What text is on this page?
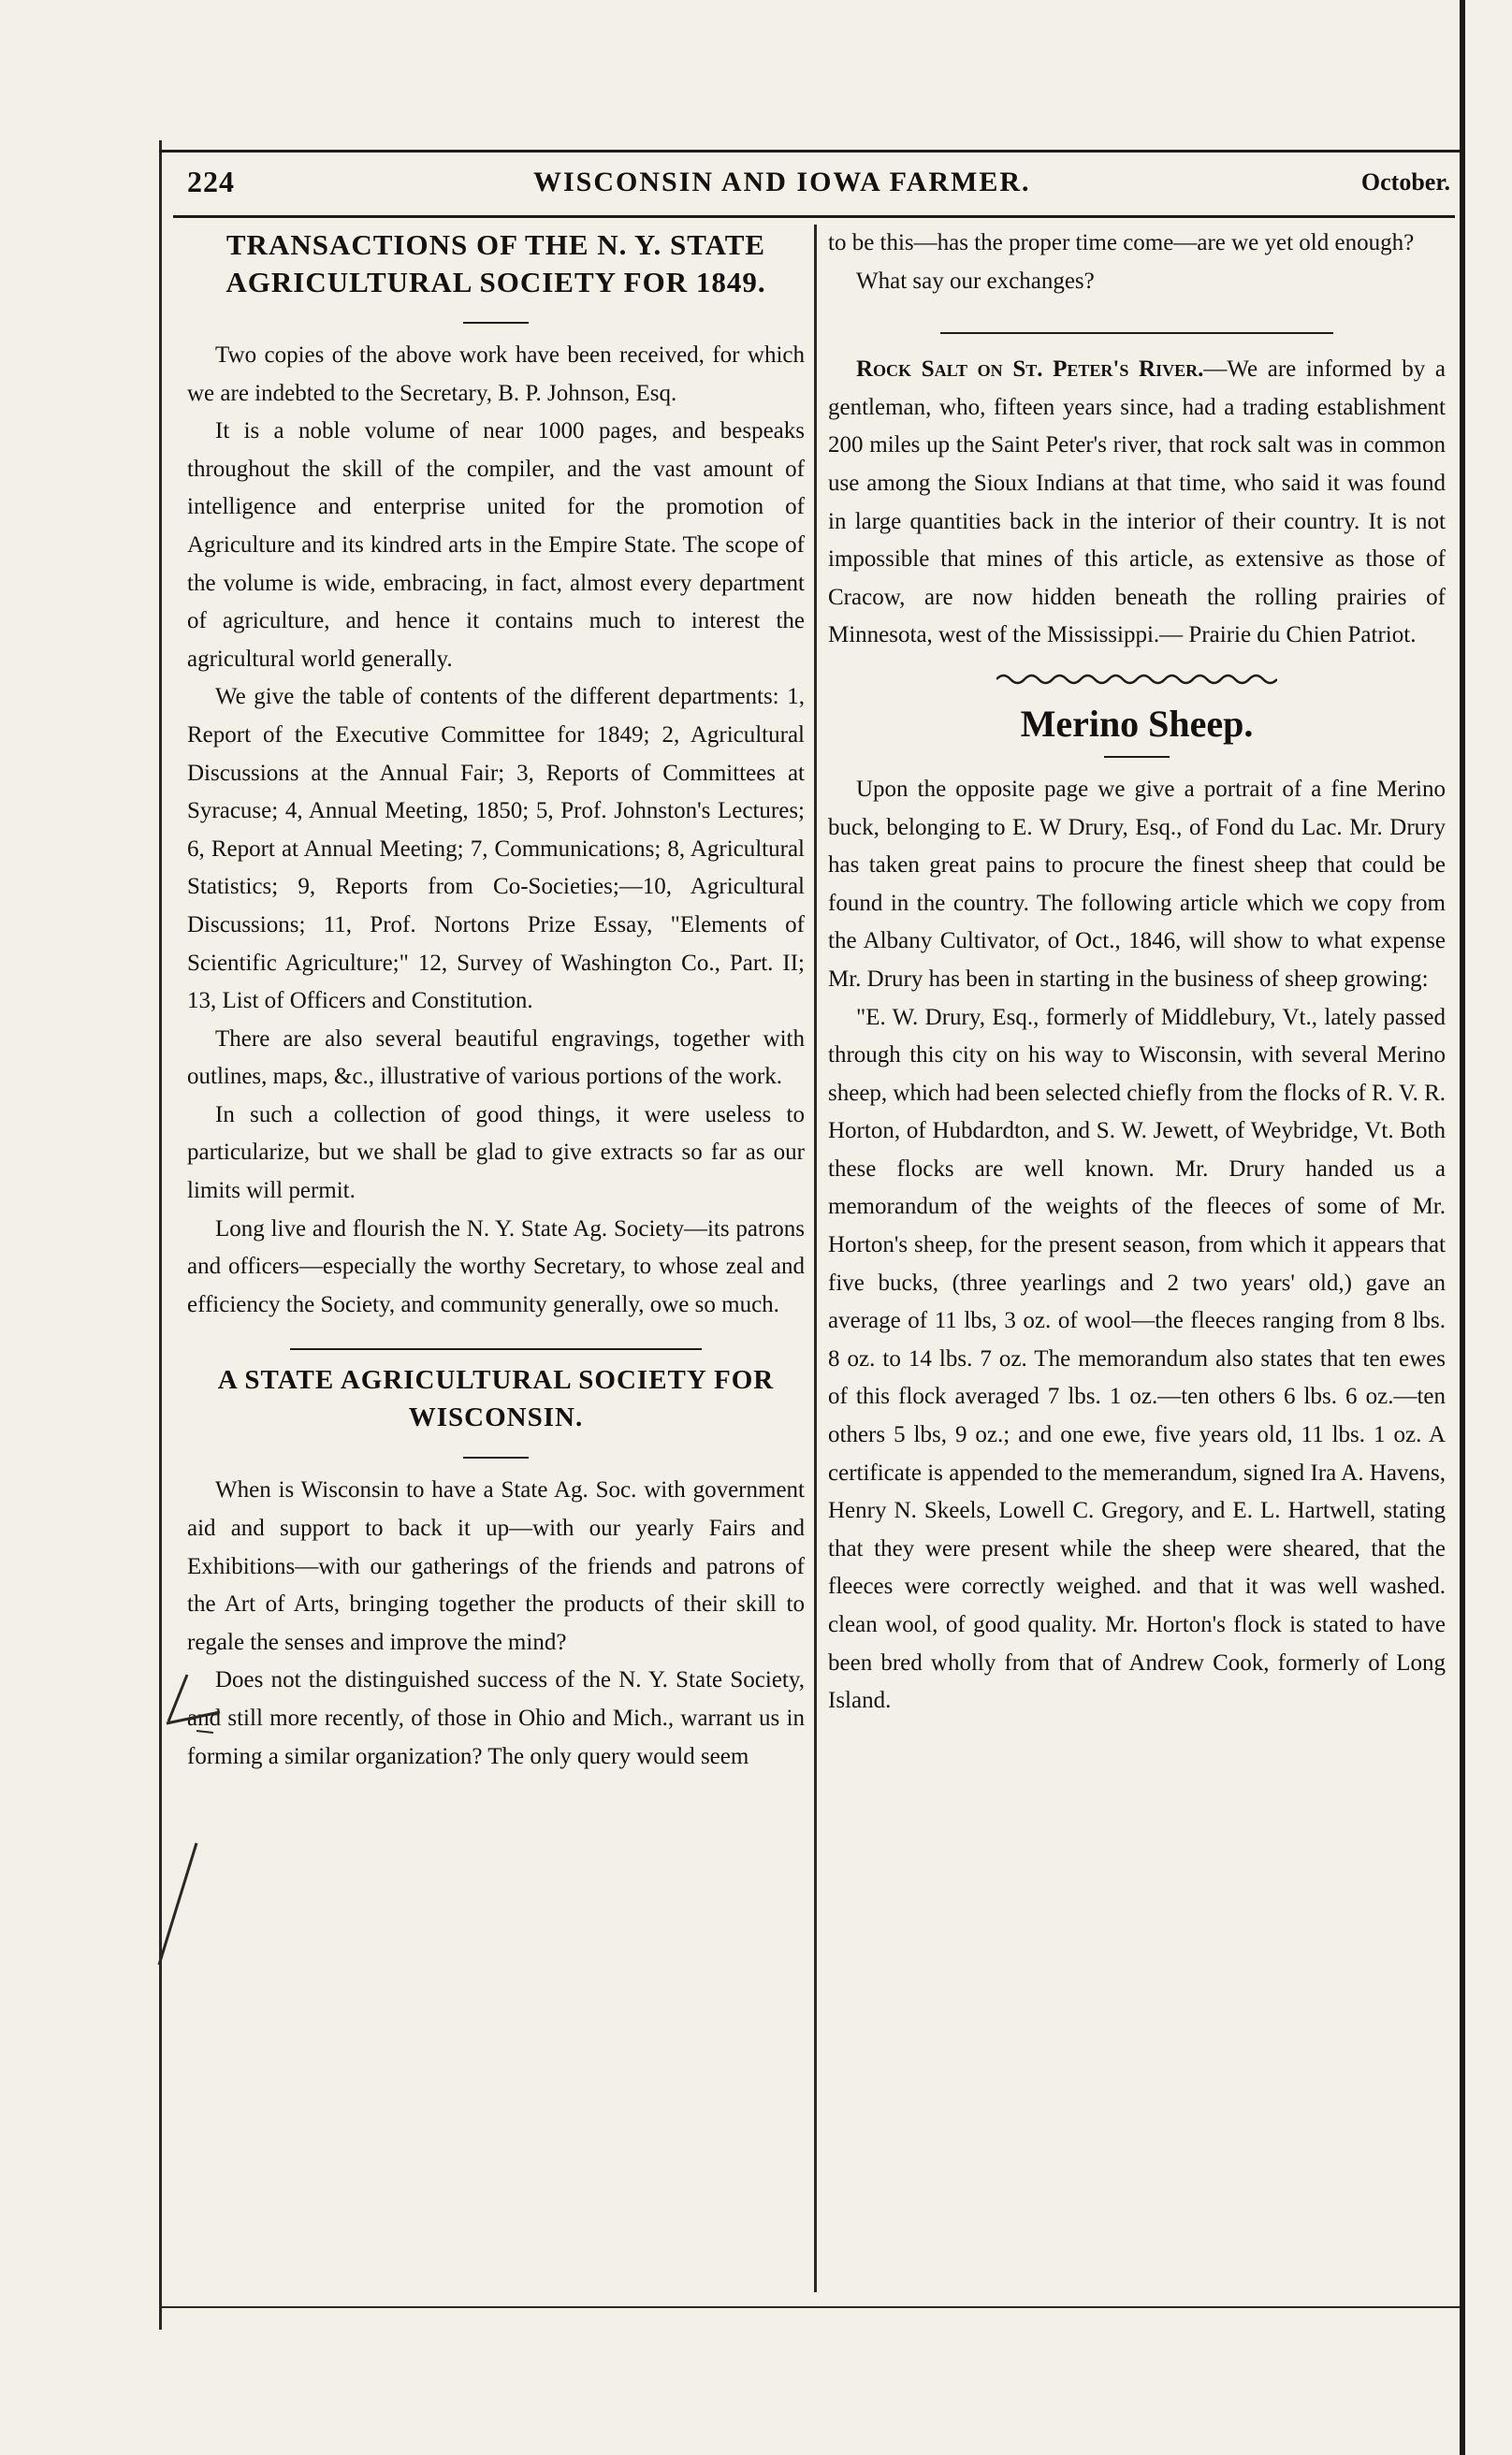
224	WISCONSIN AND IOWA FARMER.	October.
TRANSACTIONS OF THE N. Y. STATE
AGRICULTURAL SOCIETY FOR 1849.

Two copies of the above work have been received, for which we are indebted to the Secretary, B. P. Johnson, Esq.

It is a noble volume of near 1000 pages, and bespeaks throughout the skill of the compiler, and the vast amount of intelligence and enterprise united for the promotion of Agriculture and its kindred arts in the Empire State. The scope of the volume is wide, embracing, in fact, almost every department of agriculture, and hence it contains much to interest the agricultural world generally.

We give the table of contents of the different departments: 1, Report of the Executive Committee for 1849; 2, Agricultural Discussions at the Annual Fair; 3, Reports of Committees at Syracuse; 4, Annual Meeting, 1850; 5, Prof. Johnston's Lectures; 6, Report at Annual Meeting; 7, Communications; 8, Agricultural Statistics; 9, Reports from Co-Societies;—10, Agricultural Discussions; 11, Prof. Nortons Prize Essay, "Elements of Scientific Agriculture;" 12, Survey of Washington Co., Part. II; 13, List of Officers and Constitution.

There are also several beautiful engravings, together with outlines, maps, &c., illustrative of various portions of the work.

In such a collection of good things, it were useless to particularize, but we shall be glad to give extracts so far as our limits will permit.

Long live and flourish the N. Y. State Ag. Society—its patrons and officers—especially the worthy Secretary, to whose zeal and efficiency the Society, and community generally, owe so much.

A STATE AGRICULTURAL SOCIETY FOR
WISCONSIN.

When is Wisconsin to have a State Ag. Soc. with government aid and support to back it up—with our yearly Fairs and Exhibitions—with our gatherings of the friends and patrons of the Art of Arts, bringing together the products of their skill to regale the senses and improve the mind?

Does not the distinguished success of the N. Y. State Society, and still more recently, of those in Ohio and Mich., warrant us in forming a similar organization? The only query would seem

to be this—has the proper time come—are we yet old enough?

What say our exchanges?

Rock Salt on St. Peter's River.—We are informed by a gentleman, who, fifteen years since, had a trading establishment 200 miles up the Saint Peter's river, that rock salt was in common use among the Sioux Indians at that time, who said it was found in large quantities back in the interior of their country. It is not impossible that mines of this article, as extensive as those of Cracow, are now hidden beneath the rolling prairies of Minnesota, west of the Mississippi.— Prairie du Chien Patriot.

Merino Sheep.

Upon the opposite page we give a portrait of a fine Merino buck, belonging to E. W Drury, Esq., of Fond du Lac. Mr. Drury has taken great pains to procure the finest sheep that could be found in the country. The following article which we copy from the Albany Cultivator, of Oct., 1846, will show to what expense Mr. Drury has been in starting in the business of sheep growing:

"E. W. Drury, Esq., formerly of Middlebury, Vt., lately passed through this city on his way to Wisconsin, with several Merino sheep, which had been selected chiefly from the flocks of R. V. R. Horton, of Hubdardton, and S. W. Jewett, of Weybridge, Vt. Both these flocks are well known. Mr. Drury handed us a memorandum of the weights of the fleeces of some of Mr. Horton's sheep, for the present season, from which it appears that five bucks, (three yearlings and 2 two years' old,) gave an average of 11 lbs, 3 oz. of wool—the fleeces ranging from 8 lbs. 8 oz. to 14 lbs. 7 oz. The memorandum also states that ten ewes of this flock averaged 7 lbs. 1 oz.—ten others 6 lbs. 6 oz.—ten others 5 lbs, 9 oz.; and one ewe, five years old, 11 lbs. 1 oz. A certificate is appended to the memerandum, signed Ira A. Havens, Henry N. Skeels, Lowell C. Gregory, and E. L. Hartwell, stating that they were present while the sheep were sheared, that the fleeces were correctly weighed. and that it was well washed. clean wool, of good quality. Mr. Horton's flock is stated to have been bred wholly from that of Andrew Cook, formerly of Long Island.
